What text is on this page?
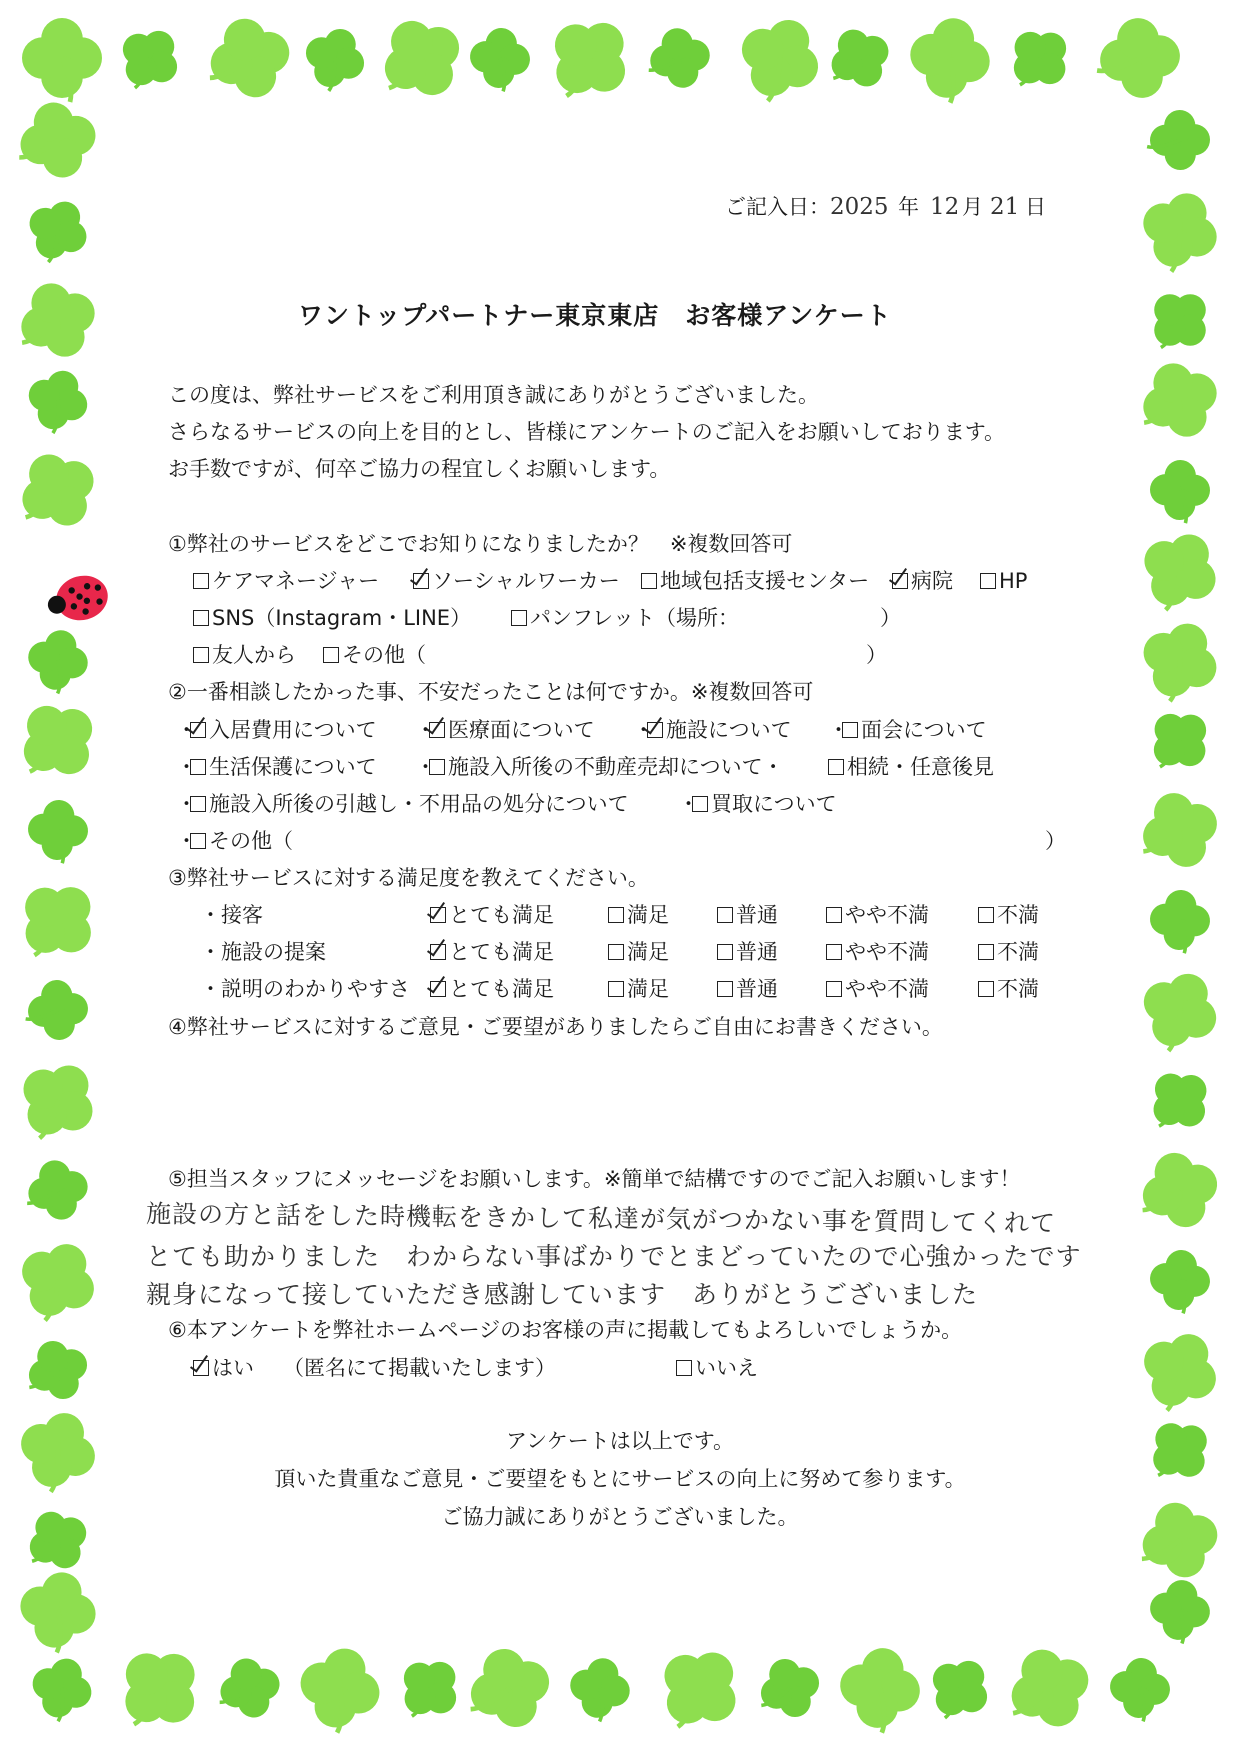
ご記入日： 2025 年 12 月 21 日
ワントップパートナー東京東店　お客様アンケート
この度は、弊社サービスをご利用頂き誠にありがとうございました。
さらなるサービスの向上を目的とし、皆様にアンケートのご記入をお願いしております。
お手数ですが、何卒ご協力の程宜しくお願いします。
①弊社のサービスをどこでお知りになりましたか？　※複数回答可
ケアマネージャー	ソーシャルワーカー	地域包括支援センター	病院	HP
SNS（Instagram・LINE）	パンフレット（場所：	）
友人から	その他（	）
②一番相談したかった事、不安だったことは何ですか。※複数回答可
・ 入居費用について ・ 医療面について ・ 施設について ・ 面会について
・ 生活保護について ・ 施設入所後の不動産売却について・	相続・任意後見
・ 施設入所後の引越し・不用品の処分について ・ 買取について
・ その他（	）
③弊社サービスに対する満足度を教えてください。
・接客	とても満足	満足	普通	やや不満	不満
・施設の提案	とても満足	満足	普通	やや不満	不満
・説明のわかりやすさ	とても満足	満足	普通	やや不満	不満
④弊社サービスに対するご意見・ご要望がありましたらご自由にお書きください。
⑤担当スタッフにメッセージをお願いします。※簡単で結構ですのでご記入お願いします！
施設の方と話をした時機転をきかして私達が気がつかない事を質問してくれて
とても助かりました　わからない事ばかりでとまどっていたので心強かったです
親身になって接していただき感謝しています　ありがとうございました
⑥本アンケートを弊社ホームページのお客様の声に掲載してもよろしいでしょうか。
はい （匿名にて掲載いたします）	いいえ
アンケートは以上です。
頂いた貴重なご意見・ご要望をもとにサービスの向上に努めて参ります。
ご協力誠にありがとうございました。
